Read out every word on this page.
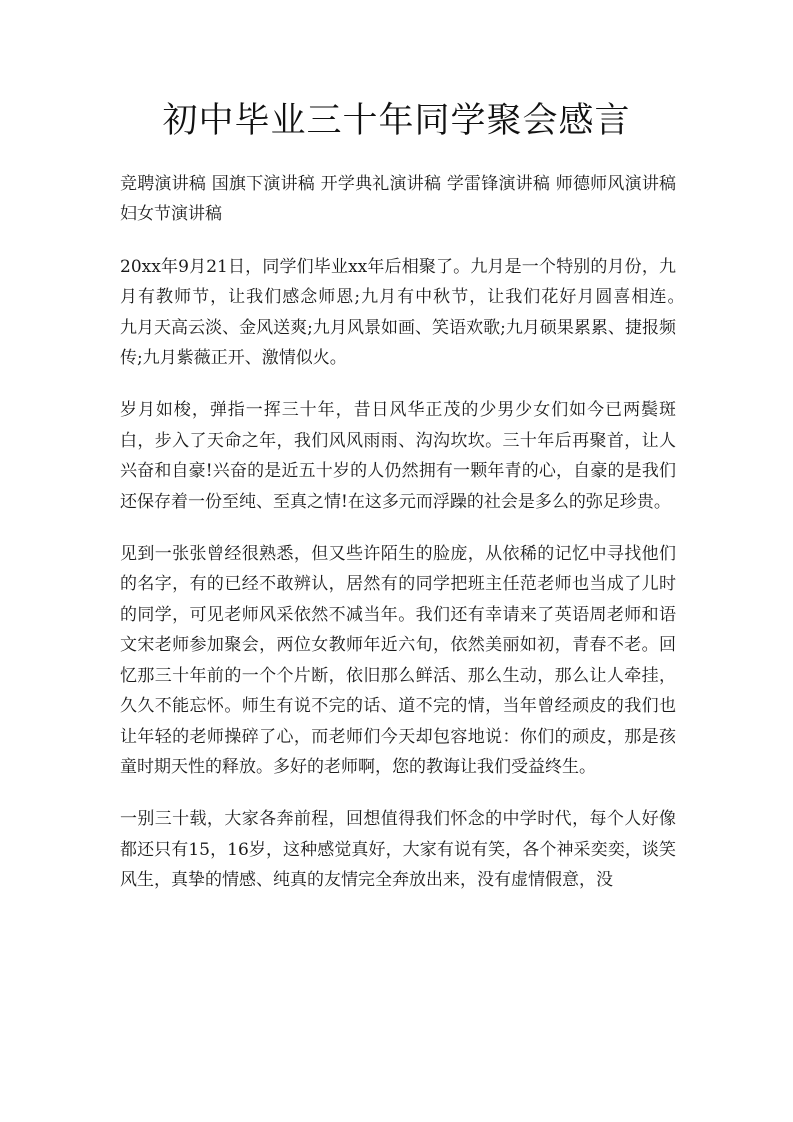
初中毕业三十年同学聚会感言

竞聘演讲稿 国旗下演讲稿 开学典礼演讲稿 学雷锋演讲稿 师德师风演讲稿 妇女节演讲稿

20xx年9月21日，同学们毕业xx年后相聚了。九月是一个特别的月份，九月有教师节，让我们感念师恩;九月有中秋节，让我们花好月圆喜相连。　九月天高云淡、金风送爽;九月风景如画、笑语欢歌;九月硕果累累、捷报频传;九月紫薇正开、激情似火。

岁月如梭，弹指一挥三十年，昔日风华正茂的少男少女们如今已两鬓斑白，步入了天命之年，我们风风雨雨、沟沟坎坎。三十年后再聚首，让人兴奋和自豪!兴奋的是近五十岁的人仍然拥有一颗年青的心，自豪的是我们还保存着一份至纯、至真之情!在这多元而浮躁的社会是多么的弥足珍贵。

见到一张张曾经很熟悉，但又些许陌生的脸庞，从依稀的记忆中寻找他们的名字，有的已经不敢辨认，居然有的同学把班主任范老师也当成了儿时的同学，可见老师风采依然不减当年。我们还有幸请来了英语周老师和语文宋老师参加聚会，两位女教师年近六旬，依然美丽如初，青春不老。回忆那三十年前的一个个片断，依旧那么鲜活、那么生动，那么让人牵挂，久久不能忘怀。师生有说不完的话、道不完的情，当年曾经顽皮的我们也让年轻的老师操碎了心，而老师们今天却包容地说：你们的顽皮，那是孩童时期天性的释放。多好的老师啊，您的教诲让我们受益终生。

一别三十载，大家各奔前程，回想值得我们怀念的中学时代，每个人好像都还只有15，16岁，这种感觉真好，大家有说有笑，各个神采奕奕，谈笑风生，真挚的情感、纯真的友情完全奔放出来，没有虚情假意，没
